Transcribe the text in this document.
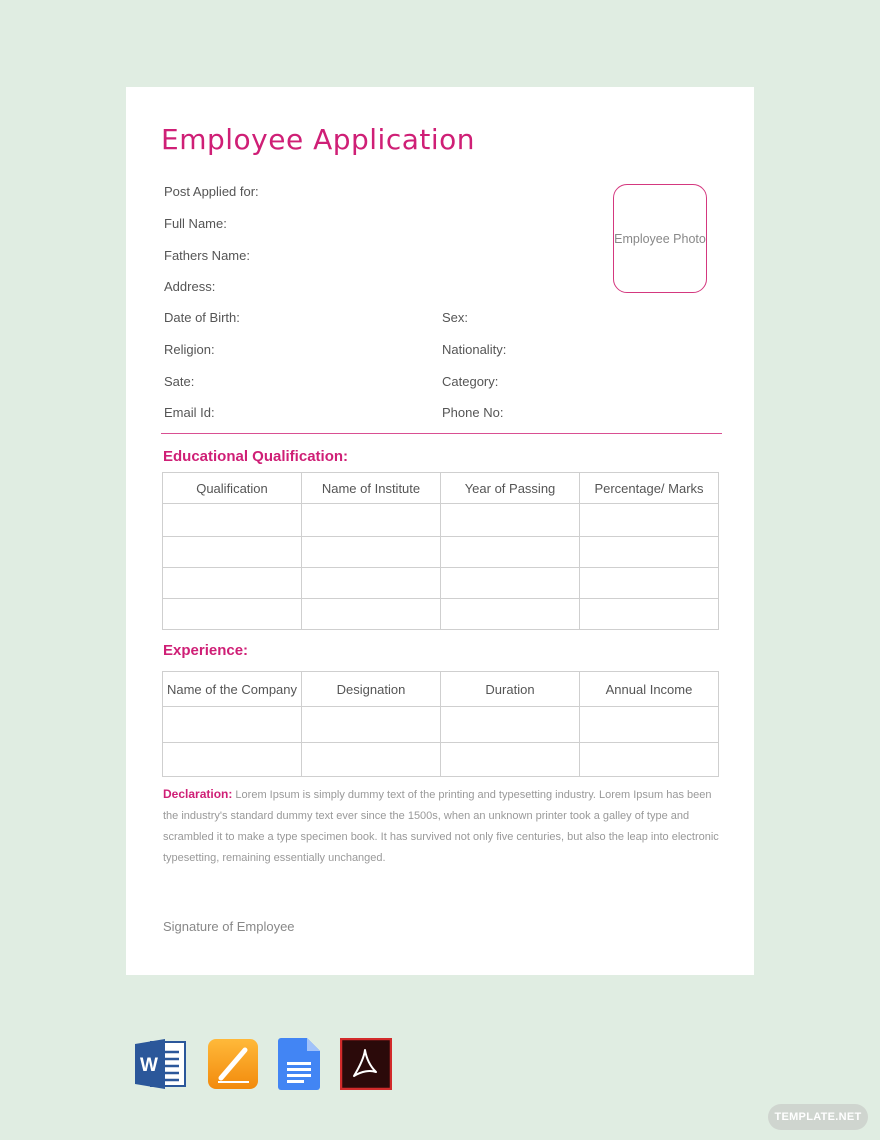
Employee Application
Post Applied for:
Full Name:
Fathers Name:
Address:
Date of Birth:	Sex:
Religion:	Nationality:
Sate:	Category:
Email Id:	Phone No:
Employee Photo
Educational Qualification:
Qualification	Name of Institute	Year of Passing	Percentage/ Marks

Experience:
Name of the Company	Designation	Duration	Annual Income

Declaration: Lorem Ipsum is simply dummy text of the printing and typesetting industry. Lorem Ipsum has been the industry's standard dummy text ever since the 1500s, when an unknown printer took a galley of type and scrambled it to make a type specimen book. It has survived not only five centuries, but also the leap into electronic typesetting, remaining essentially unchanged.
Signature of Employee
W
TEMPLATE.NET
